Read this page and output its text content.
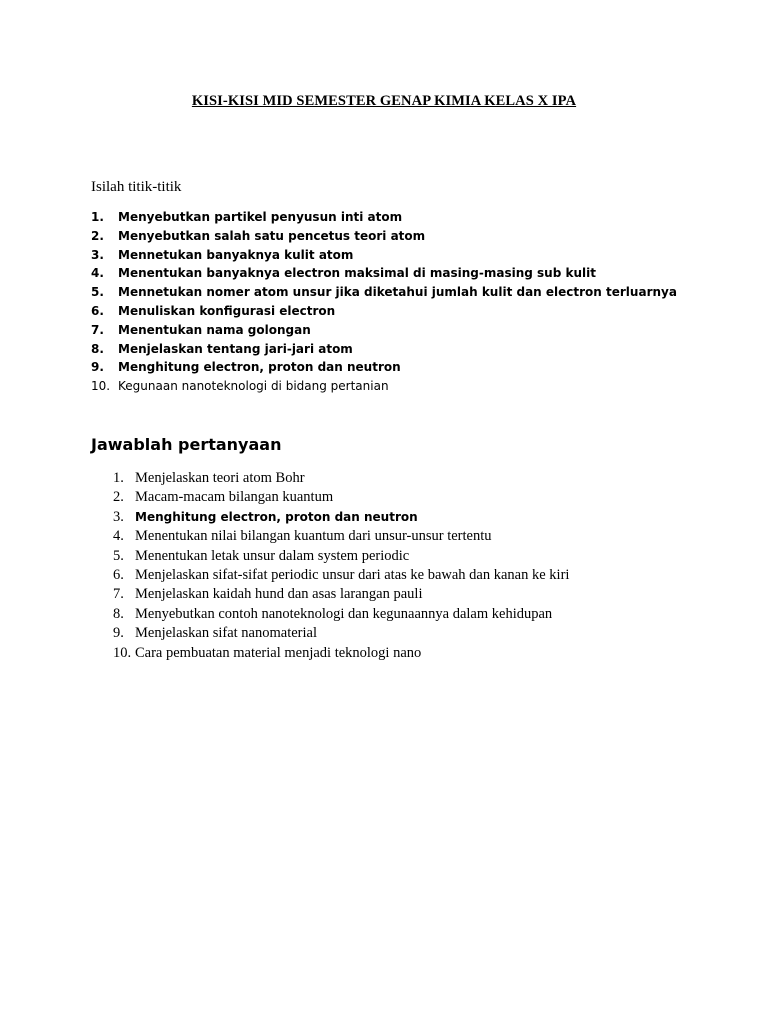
KISI-KISI MID SEMESTER GENAP KIMIA KELAS X IPA

Isilah titik-titik

1.	Menyebutkan partikel penyusun inti atom
2.	Menyebutkan salah satu pencetus teori atom
3.	Mennetukan banyaknya kulit atom
4.	Menentukan banyaknya electron maksimal di masing-masing sub kulit
5.	Mennetukan nomer atom unsur jika diketahui jumlah kulit dan electron terluarnya
6.	Menuliskan konfigurasi electron
7.	Menentukan nama golongan
8.	Menjelaskan tentang jari-jari atom
9.	Menghitung electron, proton dan neutron
10. Kegunaan nanoteknologi di bidang pertanian
Jawablah pertanyaan
1. Menjelaskan teori atom Bohr
2. Macam-macam bilangan kuantum
3. Menghitung electron, proton dan neutron
4. Menentukan nilai bilangan kuantum dari unsur-unsur tertentu
5. Menentukan letak unsur dalam system periodic
6. Menjelaskan sifat-sifat periodic unsur dari atas ke bawah dan kanan ke kiri
7. Menjelaskan kaidah hund dan asas larangan pauli
8. Menyebutkan contoh nanoteknologi dan kegunaannya dalam kehidupan
9. Menjelaskan sifat nanomaterial
10. Cara pembuatan material menjadi teknologi nano
